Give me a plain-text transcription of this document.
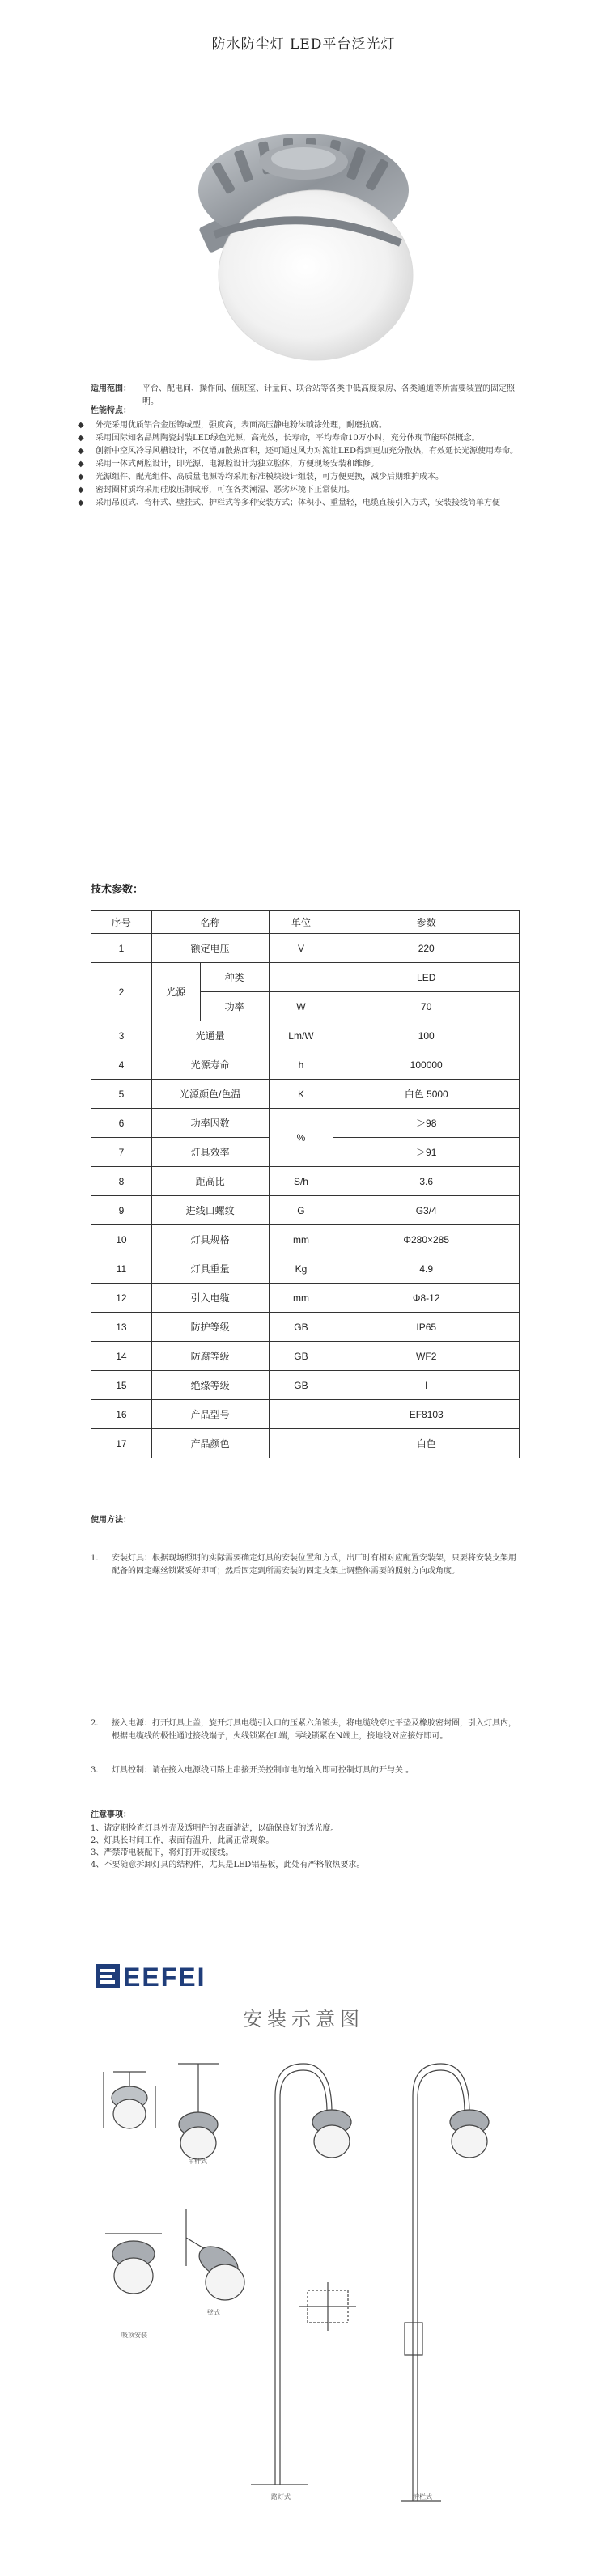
防水防尘灯 LED平台泛光灯
适用范围： 平台、配电间、操作间、值班室、计量间、联合站等各类中低高度泵房、各类通道等所需要装置的固定照明。
性能特点：
◆ 外壳采用优质铝合金压铸成型，强度高，表面高压静电粉沫喷涂处理，耐磨抗腐。
◆ 采用国际知名品牌陶瓷封装LED绿色光源，高光效，长寿命，平均寿命10万小时，充分体现节能环保概念。
◆ 创新中空风冷导风槽设计，不仅增加散热面积，还可通过风力对流让LED得到更加充分散热，有效延长光源使用寿命。
◆ 采用一体式两腔设计，即光源、电源腔设计为独立腔体，方便现场安装和维修。
◆ 光源组件、配光组件、高质量电源等均采用标准模块设计组装，可方便更换，减少后期维护成本。
◆ 密封圈材质均采用硅胶压制成形，可在各类潮湿、恶劣环境下正常使用。
◆ 采用吊顶式、弯杆式、壁挂式、护栏式等多种安装方式；体积小、重量轻，电缆直接引入方式，安装接线简单方便
技术参数：
序号	名称		单位	参数
1	额定电压		V	220
2	光源	种类		LED
		功率	W	70
3	光通量		Lm/W	100
4	光源寿命		h	100000
5	光源颜色/色温		K	白色 5000
6	功率因数		%	＞98
7	灯具效率			＞91
8	距高比		S/h	3.6
9	进线口螺纹		G	G3/4
10	灯具规格		mm	Φ280×285
11	灯具重量		Kg	4.9
12	引入电缆		mm	Φ8-12
13	防护等级		GB	IP65
14	防腐等级		GB	WF2
15	绝缘等级		GB	I
16	产品型号			EF8103
17	产品颜色			白色
使用方法：
1. 安装灯具：根据现场照明的实际需要确定灯具的安装位置和方式，出厂时有相对应配置安装架，只要将安装支架用配备的固定螺丝锁紧妥好即可；然后固定到所需安装的固定支架上调整你需要的照射方向或角度。
2. 接入电源：打开灯具上盖，旋开灯具电缆引入口的压紧六角镀头，将电缆线穿过平垫及橡胶密封圈，引入灯具内，根据电缆线的极性通过接线端子，火线锁紧在L端，零线锁紧在N端上，接地线对应接好即可。
3. 灯具控制：请在接入电源线回路上串接开关控制市电的输入即可控制灯具的开与关 。
注意事项：
1、请定期检查灯具外壳及透明件的表面清洁，以确保良好的透光度。
2、灯具长时间工作，表面有温升，此属正常现象。
3、严禁带电装配下，将灯打开或接线。
4、不要随意拆卸灯具的结构件，尤其是LED铝基板，此处有严格散热要求。
EEFEI
安装示意图
吊杆式
吸顶安装
壁式
路灯式	护栏式
